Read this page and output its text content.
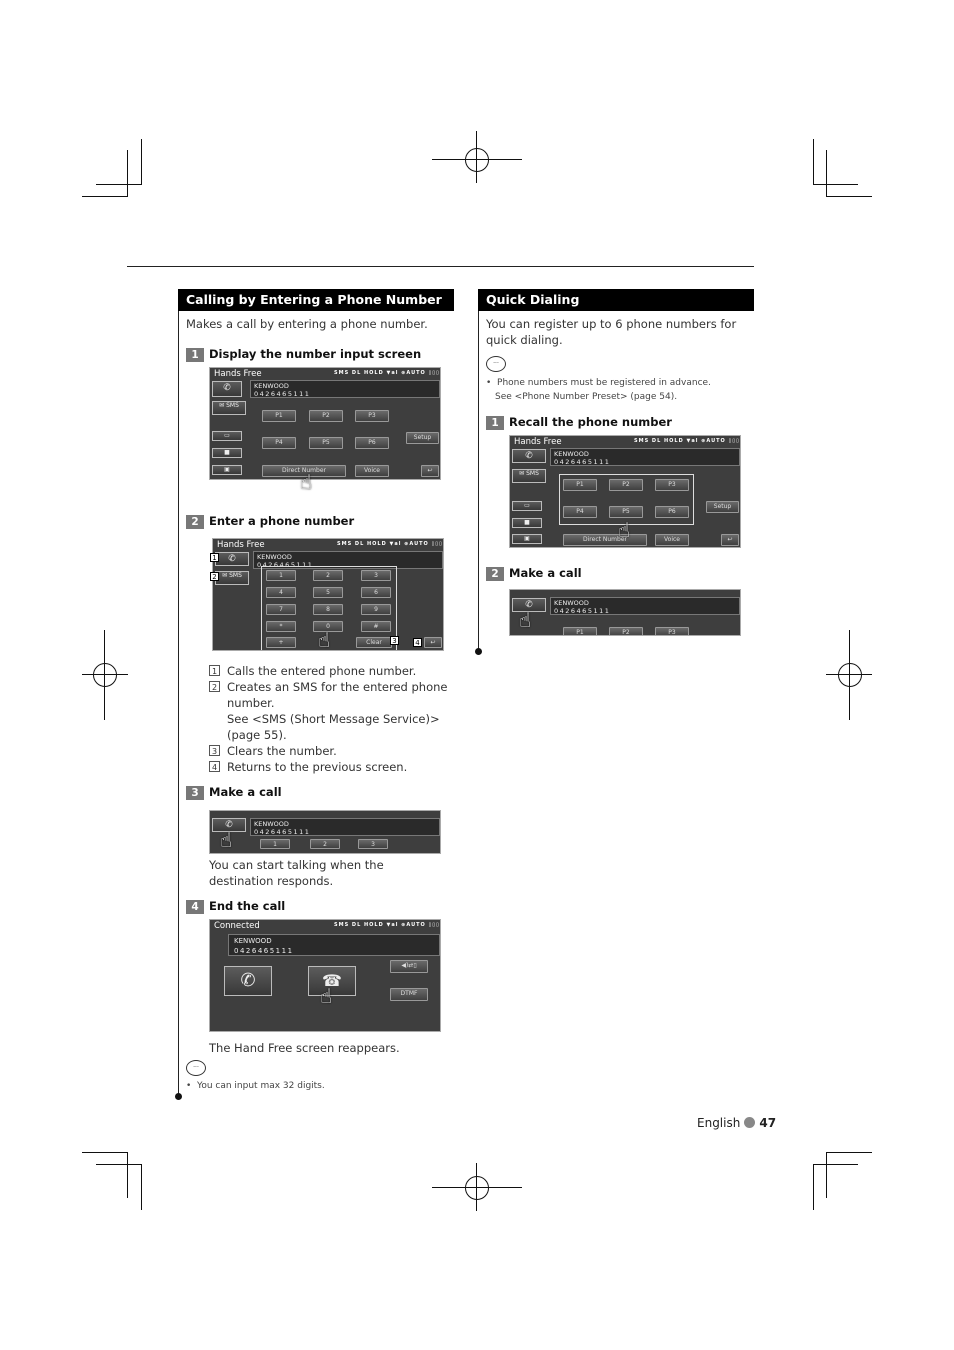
Calling by Entering a Phone Number
Makes a call by entering a phone number.
1 Display the number input screen
Hands Free	SMS DL HOLD ▼al ⊛AUTO ▯▯▯
✆	KENWOOD
0426465111
✉ SMS
▭
■
▣
P1	P2	P3
P4	P5	P6
Setup
Direct Number	Voice	↩
☝
2 Enter a phone number
Hands Free	SMS DL HOLD ▼al ⊛AUTO ▯▯▯
✆	KENWOOD
0426465111
✉ SMS	1	2	3
4	5	6
7	8	9
*	0	#
+	Clear	↩
1
2
3	4
☝
1 Calls the entered phone number.
2 Creates an SMS for the entered phone number.
See <SMS (Short Message Service)> (page 55).
3 Clears the number.
4 Returns to the previous screen.
3 Make a call
✆	KENWOOD
0426465111
1	2	3
☝
You can start talking when the destination responds.
4 End the call
Connected	SMS DL HOLD ▼al ⊛AUTO ▯▯▯
KENWOOD
0426465111
✆	☎
◀)⇄▯
DTMF
☝
The Hand Free screen reappears.
···
•  You can input max 32 digits.
Quick Dialing
You can register up to 6 phone numbers for quick dialing.
···
•  Phone numbers must be registered in advance.
See <Phone Number Preset> (page 54).
1 Recall the phone number
Hands Free	SMS DL HOLD ▼al ⊛AUTO ▯▯▯
✆	KENWOOD
0426465111
✉ SMS
▭
■
▣
P1	P2	P3
P4	P5	P6
Setup
Direct Number	Voice	↩
☝
2 Make a call
✆	KENWOOD
0426465111
P1	P2	P3
☝
English 47
